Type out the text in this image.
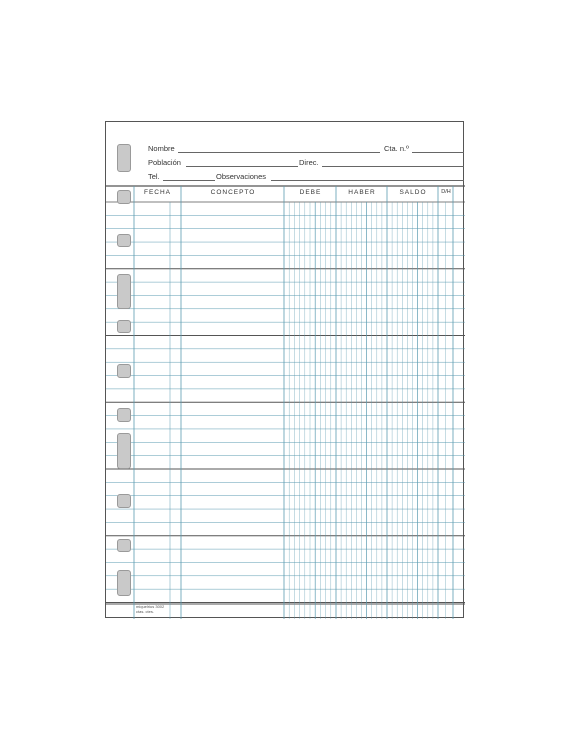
Nombre	Cta. n.º
Población	Direc.
Tel.	Observaciones
FECHA	CONCEPTO	DEBE	HABER	SALDO	D/H
miquelrius 3002
ctas. ctes.
